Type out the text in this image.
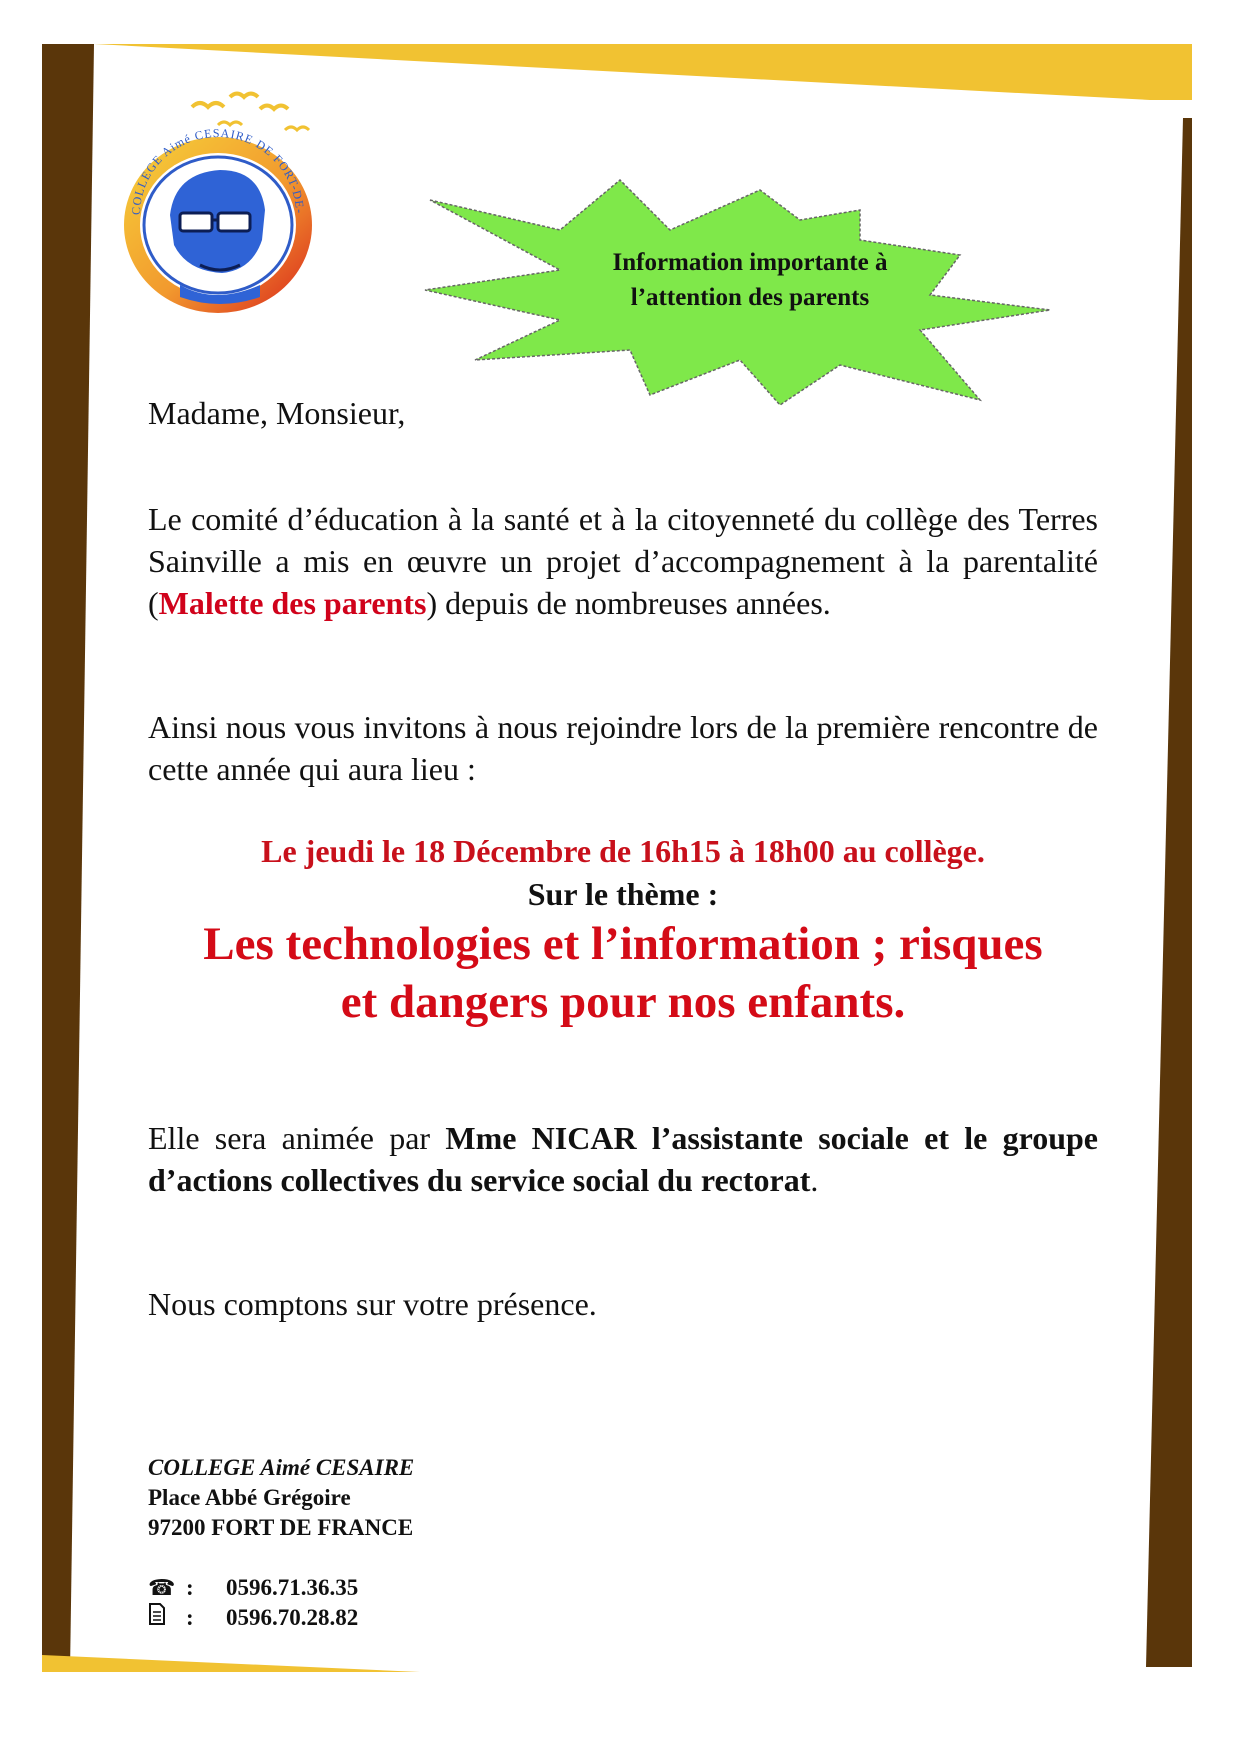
COLLEGE Aimé CESAIRE DE FORT-DE-
Information importante à
l’attention des parents
Madame, Monsieur,
Le comité d’éducation à la santé et à la citoyenneté du collège des Terres Sainville a mis en œuvre un projet d’accompagnement à la parentalité (Malette des parents) depuis de nombreuses années.
Ainsi nous vous invitons à nous rejoindre lors de la première rencontre de cette année qui aura lieu :
Le jeudi le 18 Décembre de 16h15 à 18h00 au collège.
Sur le thème :
Les technologies et l’information ; risques
et dangers pour nos enfants.
Elle sera animée par Mme NICAR l’assistante sociale et le groupe d’actions collectives du service social du rectorat.
Nous comptons sur votre présence.
COLLEGE Aimé CESAIRE
Place Abbé Grégoire
97200 FORT DE FRANCE
☎ : 0596.71.36.35
: 0596.70.28.82
